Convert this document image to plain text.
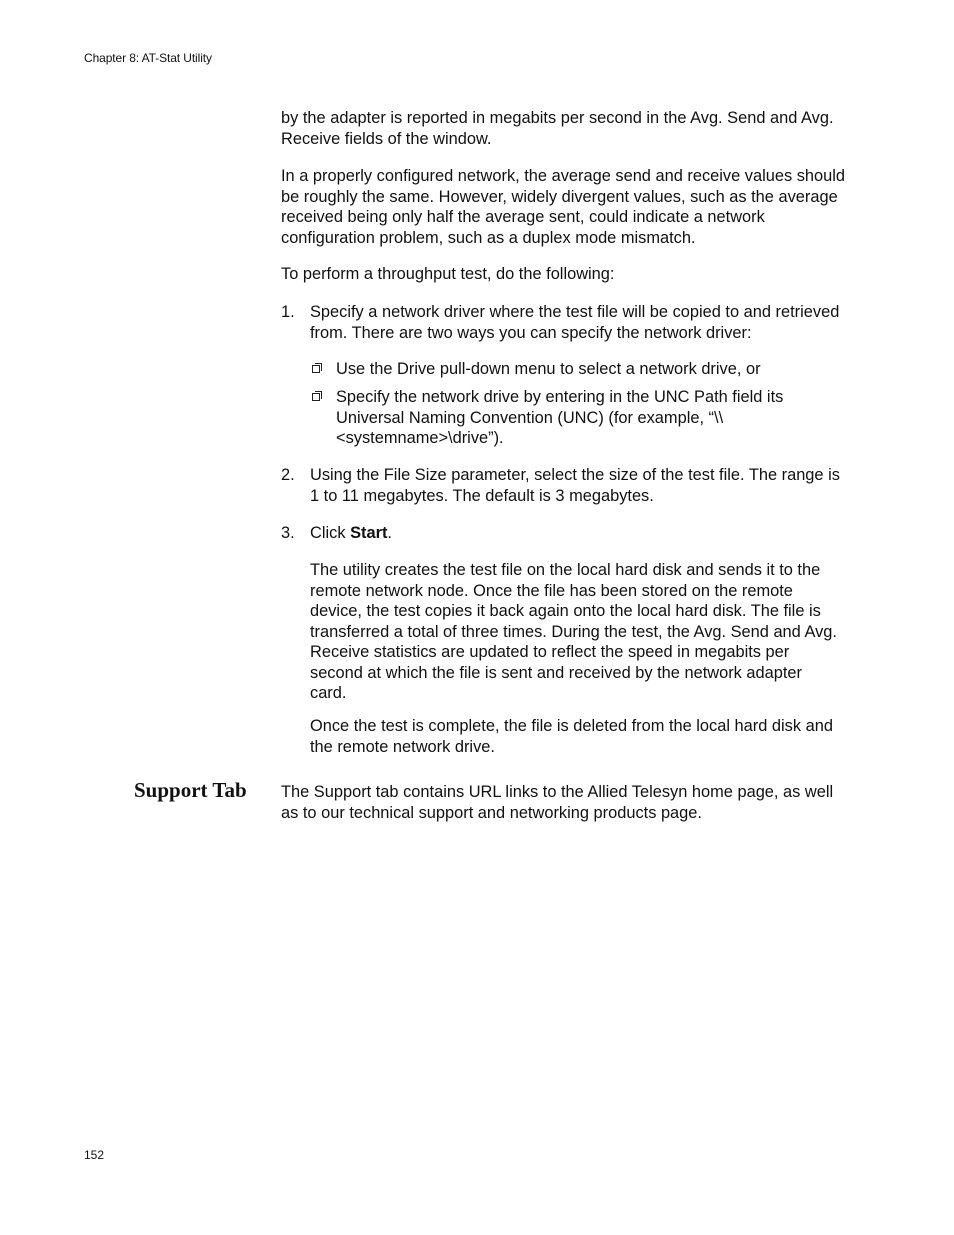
Chapter 8: AT-Stat Utility
by the adapter is reported in megabits per second in the Avg. Send and Avg. Receive fields of the window.
In a properly configured network, the average send and receive values should be roughly the same. However, widely divergent values, such as the average received being only half the average sent, could indicate a network configuration problem, such as a duplex mode mismatch.
To perform a throughput test, do the following:
1. Specify a network driver where the test file will be copied to and retrieved from. There are two ways you can specify the network driver:
Use the Drive pull-down menu to select a network drive, or
Specify the network drive by entering in the UNC Path field its Universal Naming Convention (UNC) (for example, “\\<systemname>\drive”).
2. Using the File Size parameter, select the size of the test file. The range is 1 to 11 megabytes. The default is 3 megabytes.
3. Click Start.
The utility creates the test file on the local hard disk and sends it to the remote network node. Once the file has been stored on the remote device, the test copies it back again onto the local hard disk. The file is transferred a total of three times. During the test, the Avg. Send and Avg. Receive statistics are updated to reflect the speed in megabits per second at which the file is sent and received by the network adapter card.
Once the test is complete, the file is deleted from the local hard disk and the remote network drive.
Support Tab The Support tab contains URL links to the Allied Telesyn home page, as well as to our technical support and networking products page.
152
